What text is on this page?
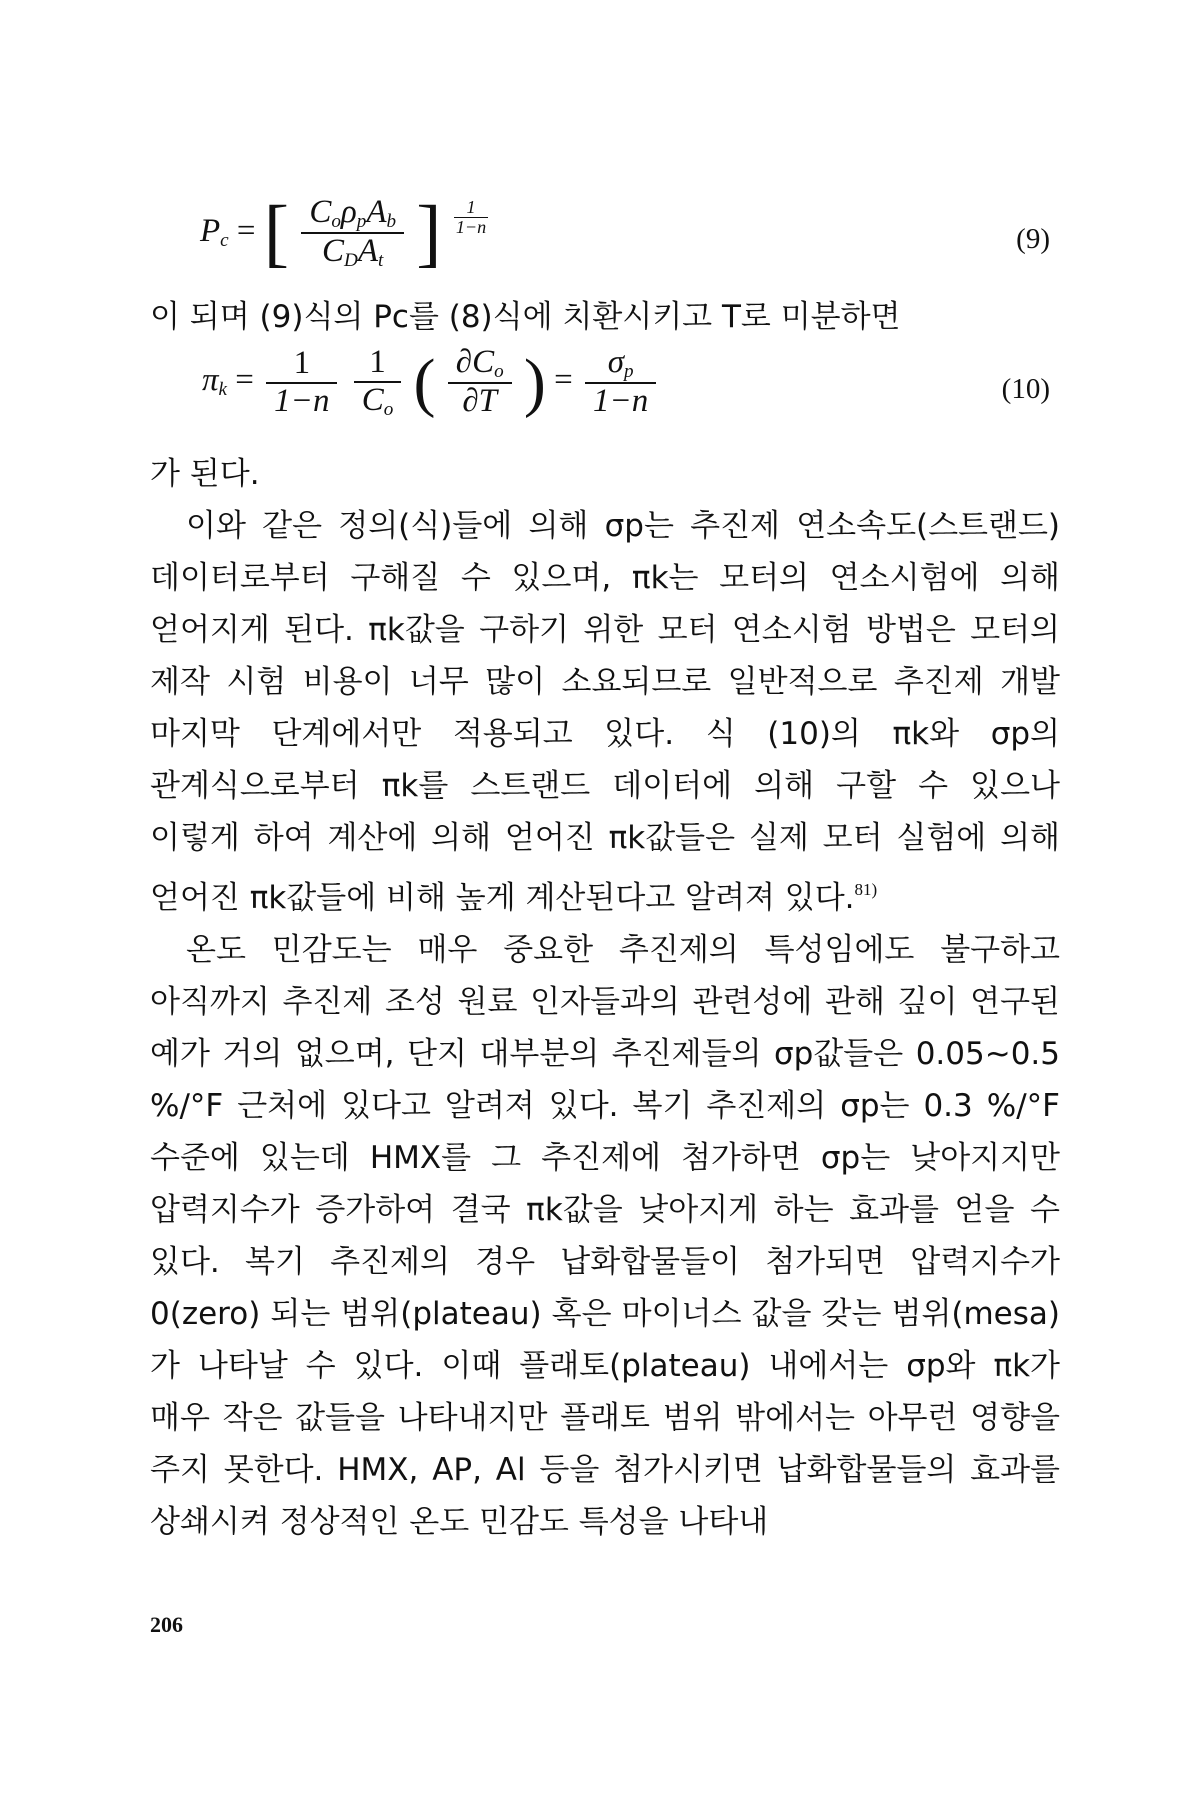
Pc = [ $\frac{\text{CoρpAb}}{\text{CDAt}}$ ] $^{\frac{1}{1-n}}$
(9)

이 되며 (9)식의 Pc를 (8)식에 치환시키고 T로 미분하면

$\pi k = \frac{1}{1-n}$
$\frac{1}{Co}$ ( $\frac{\partial Co}{\partial T}$ ) = $\frac{\sigma p}{1-n}$	(10)

가 된다.

이와 같은 정의(식)들에 의해 σp는 추진제 연소속도(스트랜드) 데이터로부터 구해질 수 있으며, πk는 모터의 연소시험에 의해 얻어지게 된다. πk값을 구하기 위한 모터 연소시험 방법은 모터의 제작 시험 비용이 너무 많이 소요되므로 일반적으로 추진제 개발 마지막 단계에서만 적용되고 있다. 식 (10)의 πk와 σp의 관계식으로부터 πk를 스트랜드 데이터에 의해 구할 수 있으나 이렇게 하여 계산에 의해 얻어진 πk값들은 실제 모터 실험에 의해 얻어진 πk값들에 비해 높게 계산된다고 알려져 있다.$^{81)}$

온도 민감도는 매우 중요한 추진제의 특성임에도 불구하고 아직까지 추진제 조성 원료 인자들과의 관련성에 관해 깊이 연구된 예가 거의 없으며, 단지 대부분의 추진제들의 σp값들은 0.05~0.5 %/°F 근처에 있다고 알려져 있다. 복기 추진제의 σp는 0.3 %/°F 수준에 있는데 HMX를 그 추진제에 첨가하면 σp는 낮아지지만 압력지수가 증가하여 결국 πk값을 낮아지게 하는 효과를 얻을 수 있다. 복기 추진제의 경우 납화합물들이 첨가되면 압력지수가 0(zero) 되는 범위(plateau) 혹은 마이너스 값을 갖는 범위(mesa)가 나타날 수 있다. 이때 플래토(plateau) 내에서는 σp와 πk가 매우 작은 값들을 나타내지만 플래토 범위 밖에서는 아무런 영향을 주지 못한다. HMX, AP, Al 등을 첨가시키면 납화합물들의 효과를 상쇄시켜 정상적인 온도 민감도 특성을 나타내

206
